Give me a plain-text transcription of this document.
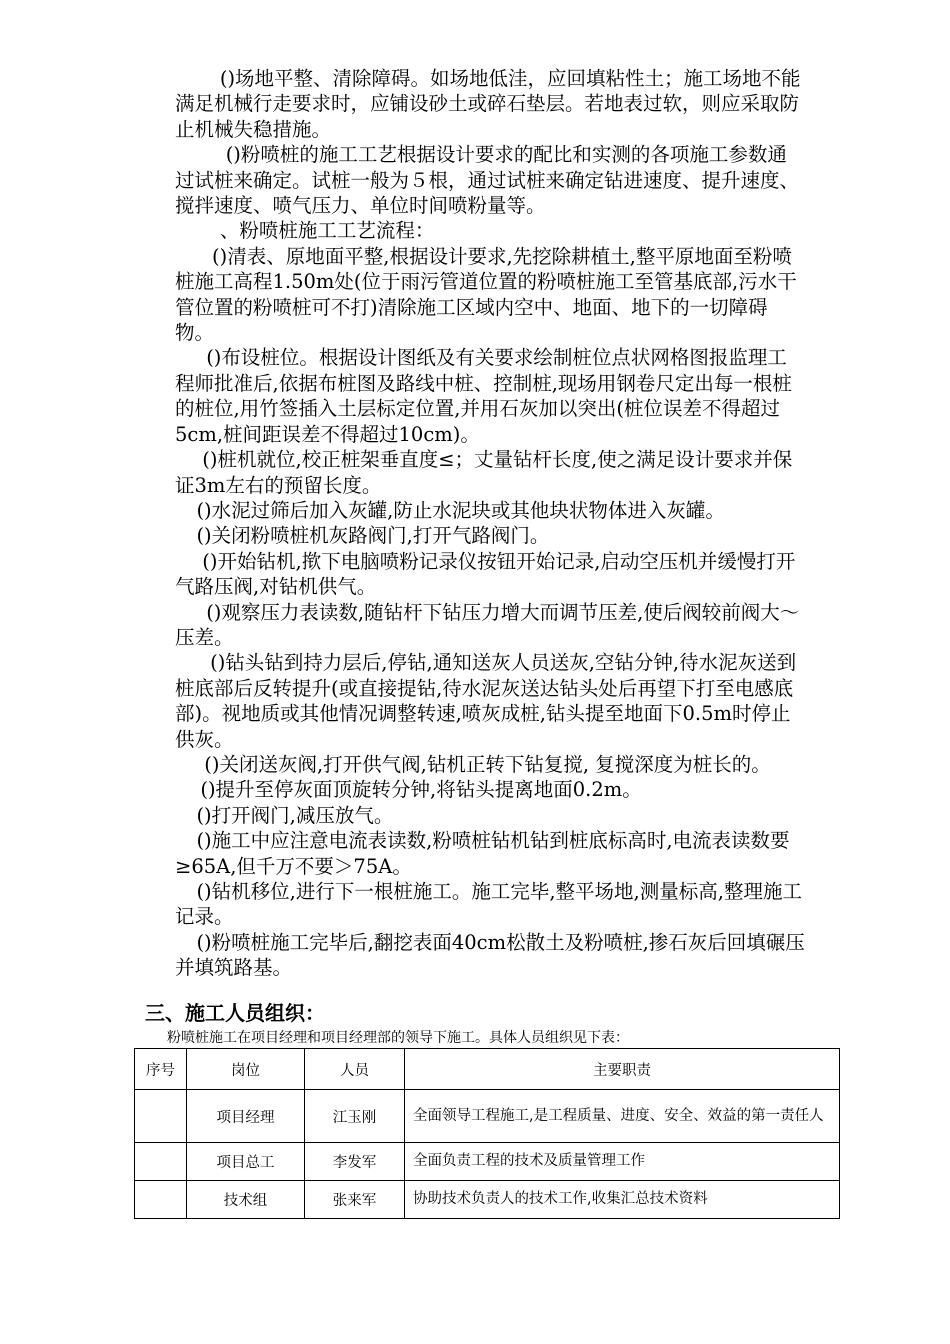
()场地平整、清除障碍。如场地低洼，应回填粘性土；施工场地不能满足机械行走要求时，应铺设砂土或碎石垫层。若地表过软，则应采取防止机械失稳措施。

()粉喷桩的施工工艺根据设计要求的配比和实测的各项施工参数通过试桩来确定。试桩一般为５根，通过试桩来确定钻进速度、提升速度、搅拌速度、喷气压力、单位时间喷粉量等。

、粉喷桩施工工艺流程：

()清表、原地面平整,根据设计要求,先挖除耕植土,整平原地面至粉喷桩施工高程1.50m处(位于雨污管道位置的粉喷桩施工至管基底部,污水干管位置的粉喷桩可不打)清除施工区域内空中、地面、地下的一切障碍物。

()布设桩位。根据设计图纸及有关要求绘制桩位点状网格图报监理工程师批准后,依据布桩图及路线中桩、控制桩,现场用钢卷尺定出每一根桩的桩位,用竹签插入土层标定位置,并用石灰加以突出(桩位误差不得超过5cm,桩间距误差不得超过10cm)。

()桩机就位,校正桩架垂直度≤；丈量钻杆长度,使之满足设计要求并保证3m左右的预留长度。

()水泥过筛后加入灰罐,防止水泥块或其他块状物体进入灰罐。

()关闭粉喷桩机灰路阀门,打开气路阀门。

()开始钻机,揿下电脑喷粉记录仪按钮开始记录,启动空压机并缓慢打开气路压阀,对钻机供气。

()观察压力表读数,随钻杆下钻压力增大而调节压差,使后阀较前阀大～压差。

()钻头钻到持力层后,停钻,通知送灰人员送灰,空钻分钟,待水泥灰送到桩底部后反转提升(或直接提钻,待水泥灰送达钻头处后再望下打至电感底部)。视地质或其他情况调整转速,喷灰成桩,钻头提至地面下0.5m时停止供灰。

()关闭送灰阀,打开供气阀,钻机正转下钻复搅, 复搅深度为桩长的。

()提升至停灰面顶旋转分钟,将钻头提离地面0.2m。

()打开阀门,减压放气。

()施工中应注意电流表读数,粉喷桩钻机钻到桩底标高时,电流表读数要≥65A,但千万不要＞75A。

()钻机移位,进行下一根桩施工。施工完毕,整平场地,测量标高,整理施工记录。

()粉喷桩施工完毕后,翻挖表面40cm松散土及粉喷桩,掺石灰后回填碾压并填筑路基。

三、施工人员组织：

粉喷桩施工在项目经理和项目经理部的领导下施工。具体人员组织见下表：

序号	岗位	人员	主要职责
	项目经理	江玉刚	全面领导工程施工,是工程质量、进度、安全、效益的第一责任人
	项目总工	李发军	全面负责工程的技术及质量管理工作
	技术组	张来军	协助技术负责人的技术工作,收集汇总技术资料
